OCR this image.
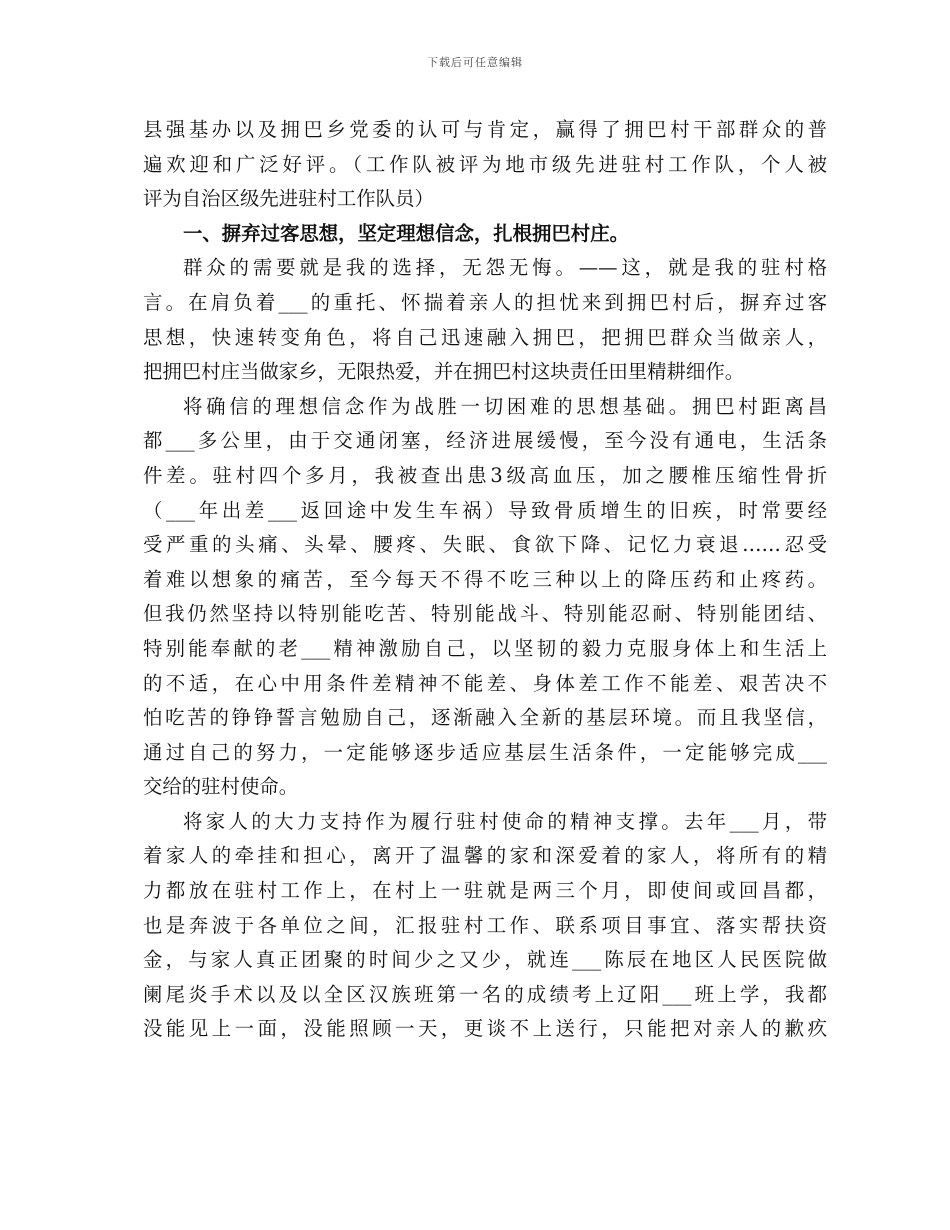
下载后可任意编辑
县强基办以及拥巴乡党委的认可与肯定，赢得了拥巴村干部群众的普
遍欢迎和广泛好评。（工作队被评为地市级先进驻村工作队，个人被
评为自治区级先进驻村工作队员）
一、摒弃过客思想，坚定理想信念，扎根拥巴村庄。
群众的需要就是我的选择，无怨无悔。——这，就是我的驻村格
言。在肩负着___的重托、怀揣着亲人的担忧来到拥巴村后，摒弃过客
思想，快速转变角色，将自己迅速融入拥巴，把拥巴群众当做亲人，
把拥巴村庄当做家乡，无限热爱，并在拥巴村这块责任田里精耕细作。
将确信的理想信念作为战胜一切困难的思想基础。拥巴村距离昌
都___多公里，由于交通闭塞，经济进展缓慢，至今没有通电，生活条
件差。驻村四个多月，我被查出患3级高血压，加之腰椎压缩性骨折
（___年出差___返回途中发生车祸）导致骨质增生的旧疾，时常要经
受严重的头痛、头晕、腰疼、失眠、食欲下降、记忆力衰退……忍受
着难以想象的痛苦，至今每天不得不吃三种以上的降压药和止疼药。
但我仍然坚持以特别能吃苦、特别能战斗、特别能忍耐、特别能团结、
特别能奉献的老___精神激励自己，以坚韧的毅力克服身体上和生活上
的不适，在心中用条件差精神不能差、身体差工作不能差、艰苦决不
怕吃苦的铮铮誓言勉励自己，逐渐融入全新的基层环境。而且我坚信，
通过自己的努力，一定能够逐步适应基层生活条件，一定能够完成___
交给的驻村使命。
将家人的大力支持作为履行驻村使命的精神支撑。去年___月，带
着家人的牵挂和担心，离开了温馨的家和深爱着的家人，将所有的精
力都放在驻村工作上，在村上一驻就是两三个月，即使间或回昌都，
也是奔波于各单位之间，汇报驻村工作、联系项目事宜、落实帮扶资
金，与家人真正团聚的时间少之又少，就连___陈辰在地区人民医院做
阑尾炎手术以及以全区汉族班第一名的成绩考上辽阳___班上学，我都
没能见上一面，没能照顾一天，更谈不上送行，只能把对亲人的歉疚
